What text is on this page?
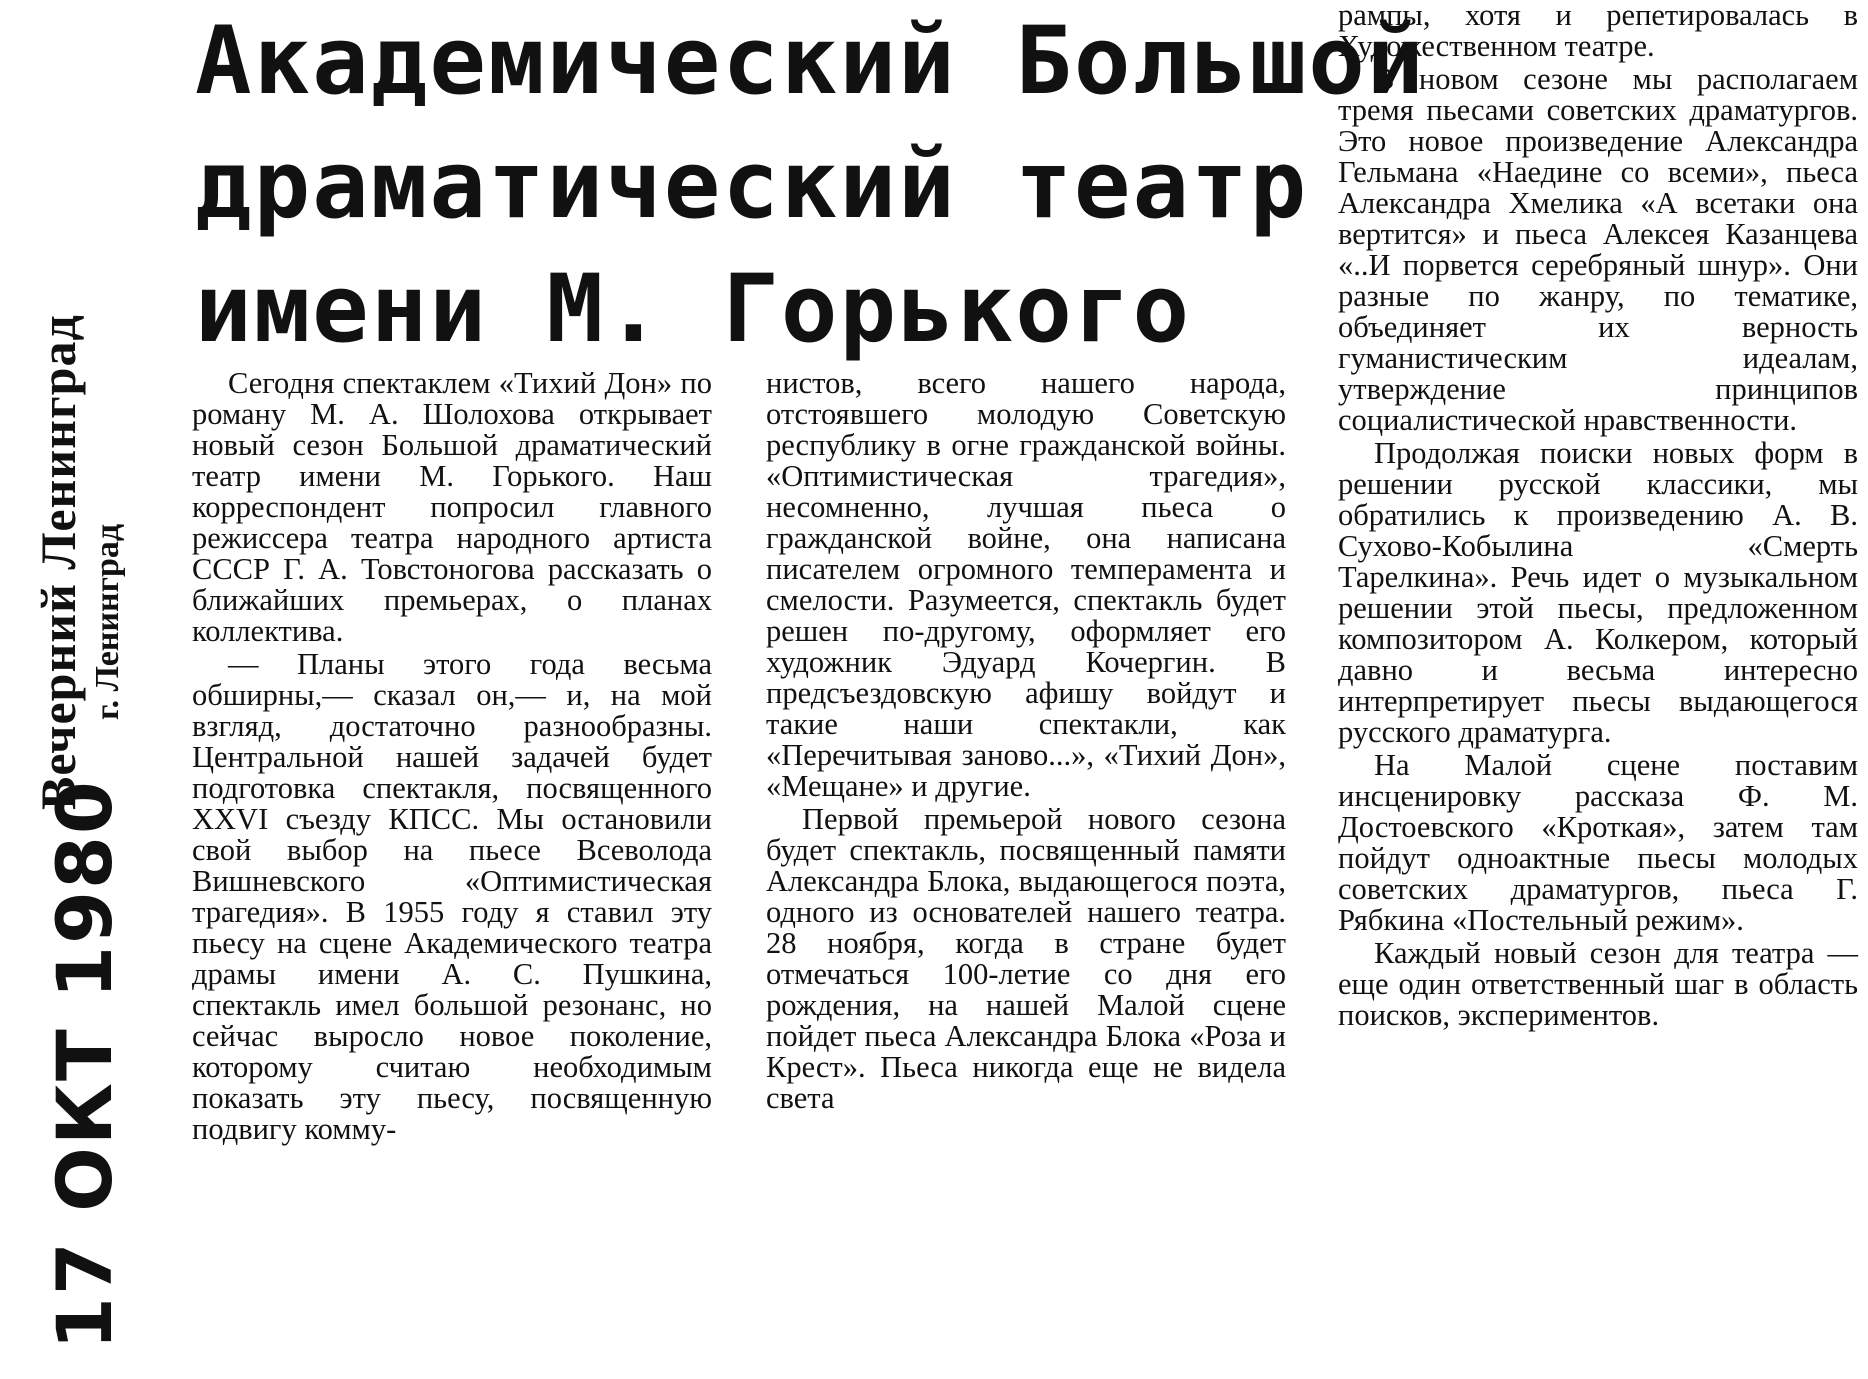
Вечерний Ленинград г. Ленинград
17 ОКТ 1980
Академический Большой
драматический театр
имени М. Горького

Сегодня спектаклем «Тихий Дон» по роману М. А. Шолохова открывает новый сезон Большой драматический театр имени М. Горького. Наш корреспондент попросил главного режиссера театра народного артиста СССР Г. А. Товстоногова рассказать о ближайших премьерах, о планах коллектива.

— Планы этого года весьма обширны,— сказал он,— и, на мой взгляд, достаточно разнообразны. Центральной нашей задачей будет подготовка спектакля, посвященного XXVI съезду КПСС. Мы остановили свой выбор на пьесе Всеволода Вишневского «Оптимистическая трагедия». В 1955 году я ставил эту пьесу на сцене Академического театра драмы имени А. С. Пушкина, спектакль имел большой резонанс, но сейчас выросло новое поколение, которому считаю необходимым показать эту пьесу, посвященную подвигу комму-

нистов, всего нашего народа, отстоявшего молодую Советскую республику в огне гражданской войны. «Оптимистическая трагедия», несомненно, лучшая пьеса о гражданской войне, она написана писателем огромного темперамента и смелости. Разумеется, спектакль будет решен по-другому, оформляет его художник Эдуард Кочергин. В предсъездовскую афишу войдут и такие наши спектакли, как «Перечитывая заново...», «Тихий Дон», «Мещане» и другие.

Первой премьерой нового сезона будет спектакль, посвященный памяти Александра Блока, выдающегося поэта, одного из основателей нашего театра. 28 ноября, когда в стране будет отмечаться 100-летие со дня его рождения, на нашей Малой сцене пойдет пьеса Александра Блока «Роза и Крест». Пьеса никогда еще не видела света

рампы, хотя и репетировалась в Художественном театре.

В новом сезоне мы располагаем тремя пьесами советских драматургов. Это новое произведение Александра Гельмана «Наедине со всеми», пьеса Александра Хмелика «А всетаки она вертится» и пьеса Алексея Казанцева «..И порвется серебряный шнур». Они разные по жанру, по тематике, объединяет их верность гуманистическим идеалам, утверждение принципов социалистической нравственности.

Продолжая поиски новых форм в решении русской классики, мы обратились к произведению А. В. Сухово-Кобылина «Смерть Тарелкина». Речь идет о музыкальном решении этой пьесы, предложенном композитором А. Колкером, который давно и весьма интересно интерпретирует пьесы выдающегося русского драматурга.

На Малой сцене поставим инсценировку рассказа Ф. М. Достоевского «Кроткая», затем там пойдут одноактные пьесы молодых советских драматургов, пьеса Г. Рябкина «Постельный режим».

Каждый новый сезон для театра — еще один ответственный шаг в область поисков, экспериментов.
